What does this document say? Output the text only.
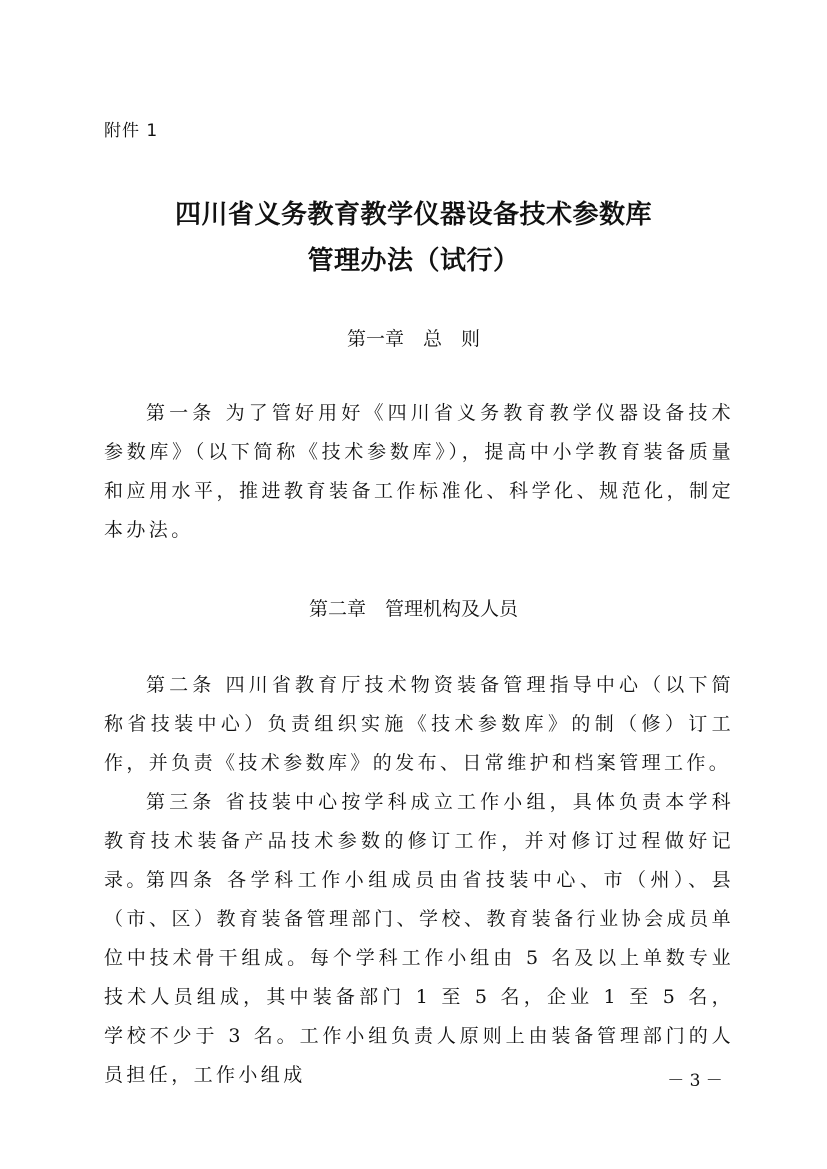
附件 1
四川省义务教育教学仪器设备技术参数库
管理办法（试行）
第一章　总　则

第一条 为了管好用好《四川省义务教育教学仪器设备技术参数库》（以下简称《技术参数库》），提高中小学教育装备质量和应用水平，推进教育装备工作标准化、科学化、规范化，制定本办法。

第二章　管理机构及人员

第二条 四川省教育厅技术物资装备管理指导中心（以下简称省技装中心）负责组织实施《技术参数库》的制（修）订工作，并负责《技术参数库》的发布、日常维护和档案管理工作。

第三条 省技装中心按学科成立工作小组，具体负责本学科教育技术装备产品技术参数的修订工作，并对修订过程做好记录。

第四条 各学科工作小组成员由省技装中心、市（州）、县（市、区）教育装备管理部门、学校、教育装备行业协会成员单位中技术骨干组成。每个学科工作小组由 5 名及以上单数专业技术人员组成，其中装备部门 1 至 5 名，企业 1 至 5 名，学校不少于 3 名。工作小组负责人原则上由装备管理部门的人员担任，工作小组成	－ 3 －
